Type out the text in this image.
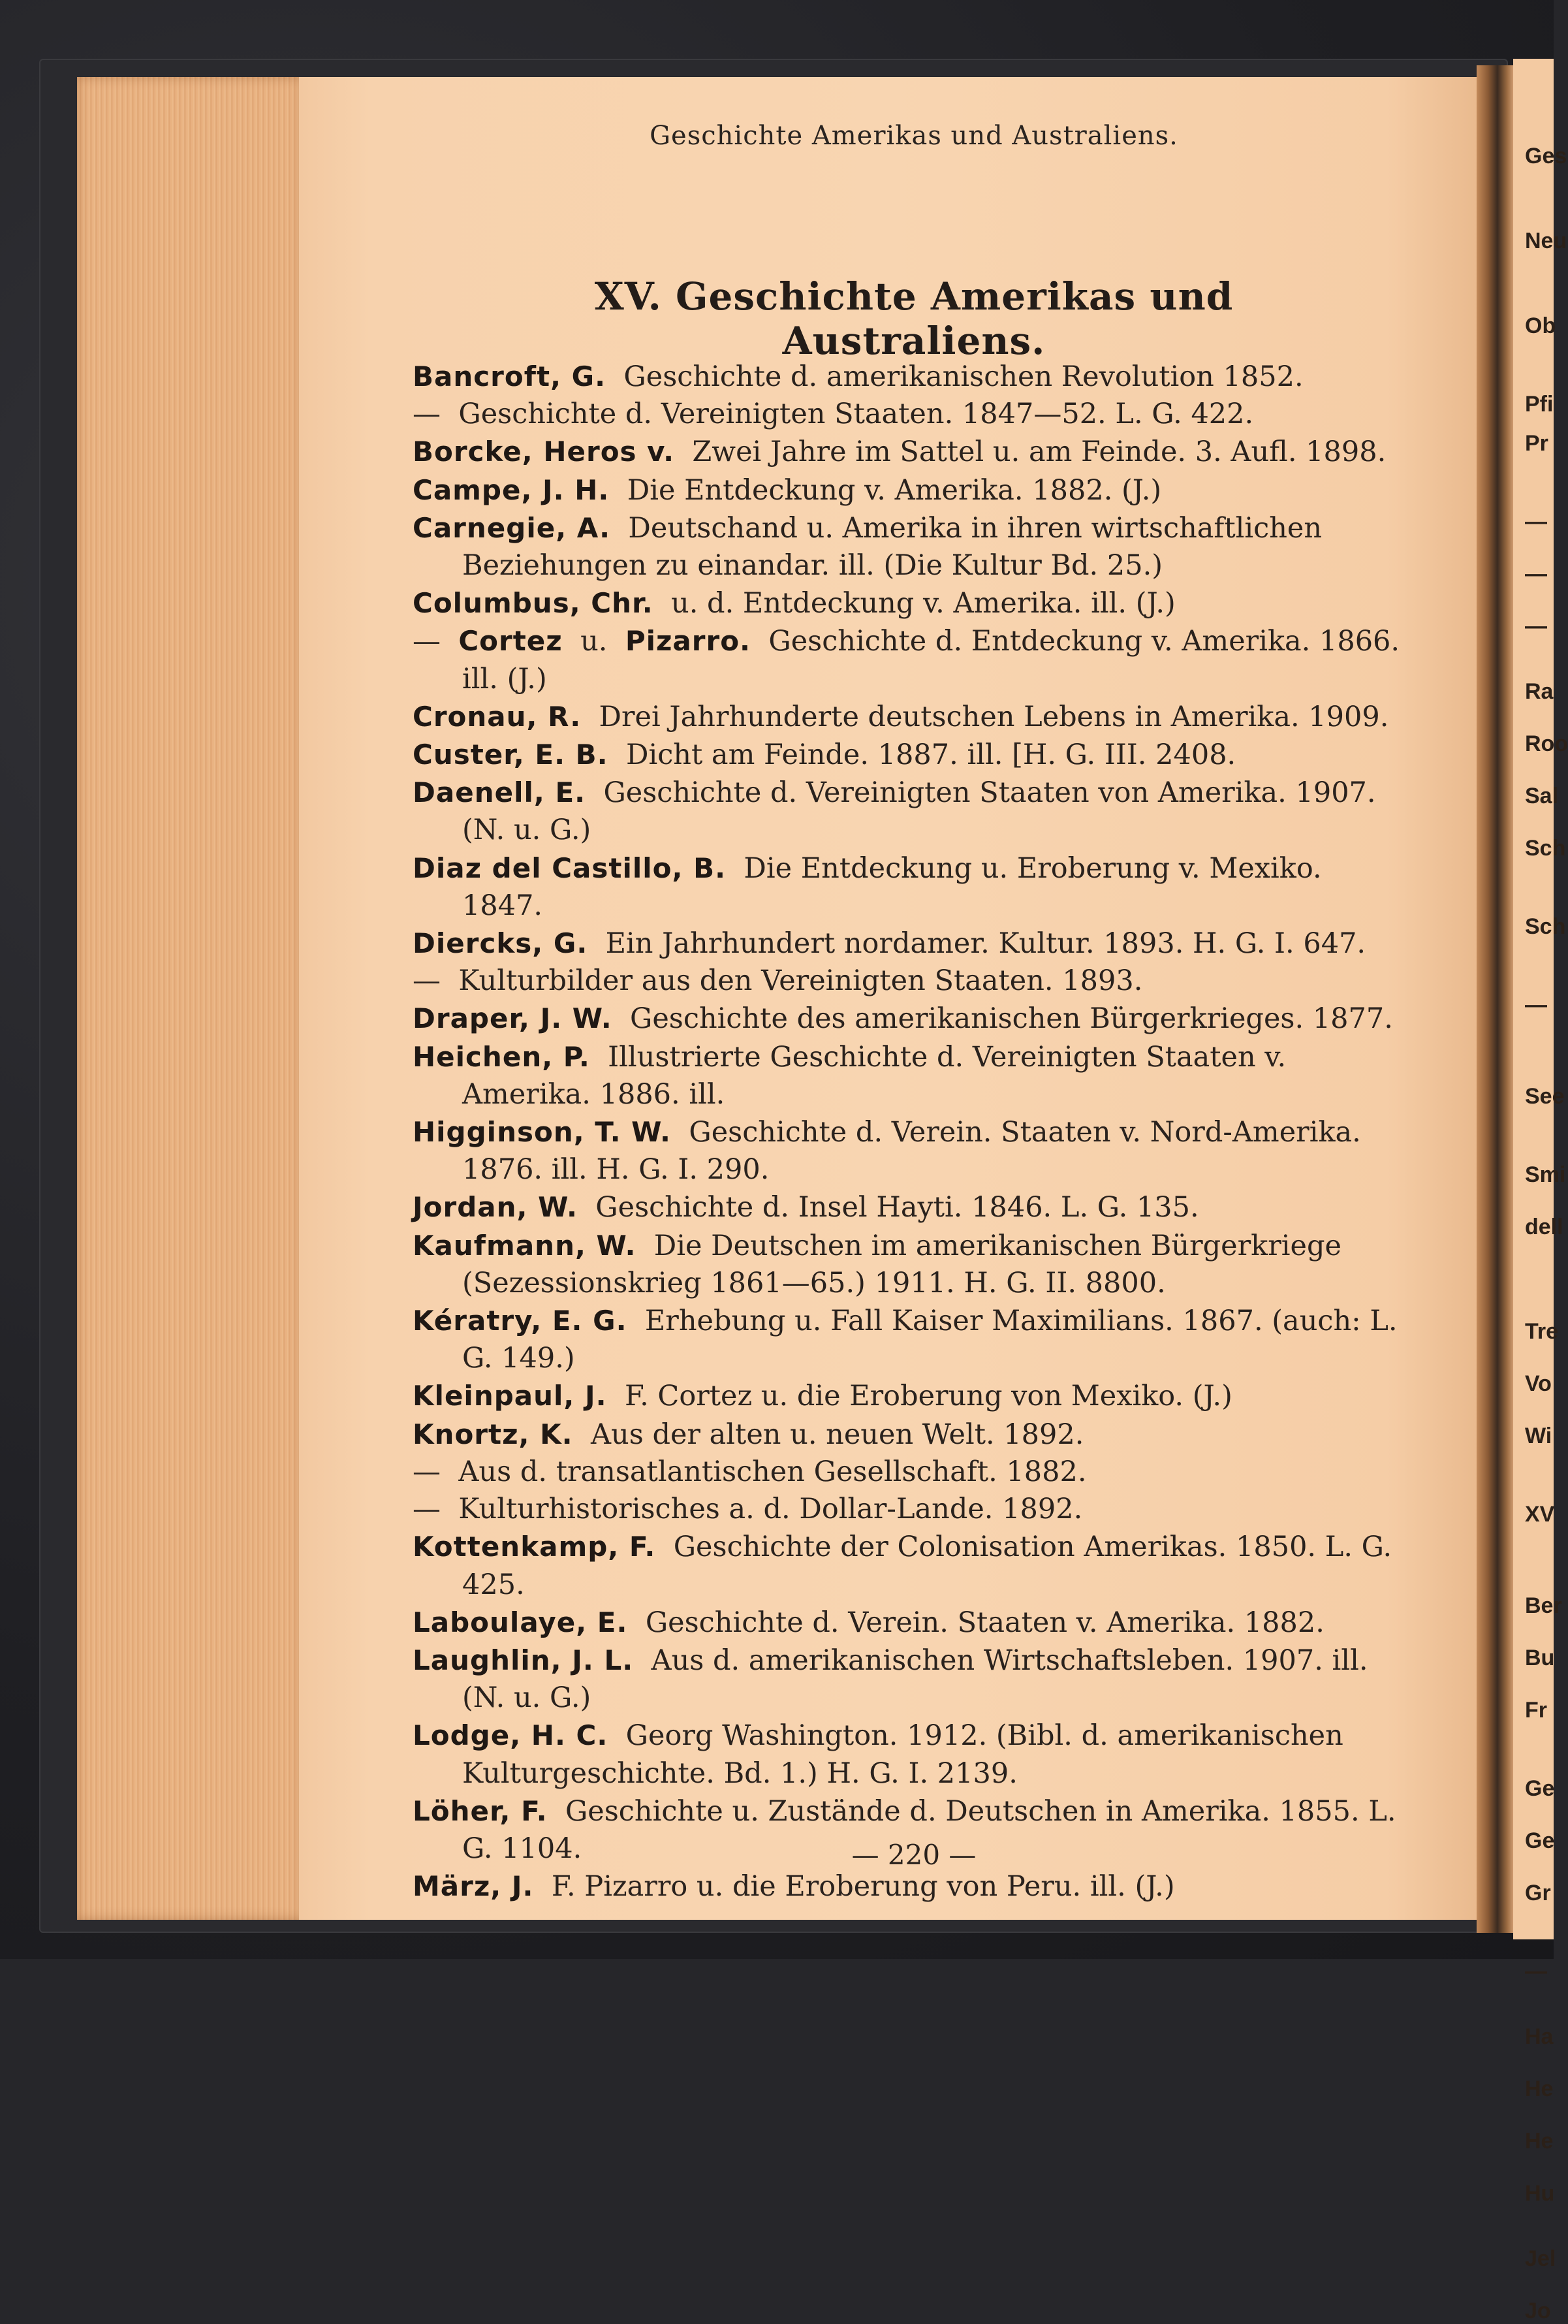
Ges
Neu
Ob
Pfi
Pr
—
—
—
Ra
Roo
Sal
Sch
Sch
—
See
Smi
dell
Tre
Vo
Wi
XV
Ber
Bu
Fr
Ge
Ge
Gr
—
Ha
He
He
Hu
Jel
Jo
Geschichte Amerikas und Australiens.
XV. Geschichte Amerikas und Australiens.
Bancroft, G. Geschichte d. amerikanischen Revolution 1852.
— Geschichte d. Vereinigten Staaten. 1847—52. L. G. 422.
Borcke, Heros v. Zwei Jahre im Sattel u. am Feinde. 3. Aufl. 1898.
Campe, J. H. Die Entdeckung v. Amerika. 1882. (J.)
Carnegie, A. Deutschand u. Amerika in ihren wirtschaftlichen Beziehungen zu einandar. ill. (Die Kultur Bd. 25.)
Columbus, Chr. u. d. Entdeckung v. Amerika. ill. (J.)
— Cortez u. Pizarro. Geschichte d. Entdeckung v. Amerika. 1866. ill. (J.)
Cronau, R. Drei Jahrhunderte deutschen Lebens in Amerika. 1909.
Custer, E. B. Dicht am Feinde. 1887. ill. [H. G. III. 2408.
Daenell, E. Geschichte d. Vereinigten Staaten von Amerika. 1907. (N. u. G.)
Diaz del Castillo, B. Die Entdeckung u. Eroberung v. Mexiko. 1847.
Diercks, G. Ein Jahrhundert nordamer. Kultur. 1893. H. G. I. 647.
— Kulturbilder aus den Vereinigten Staaten. 1893.
Draper, J. W. Geschichte des amerikanischen Bürgerkrieges. 1877.
Heichen, P. Illustrierte Geschichte d. Vereinigten Staaten v. Amerika. 1886. ill.
Higginson, T. W. Geschichte d. Verein. Staaten v. Nord-Amerika. 1876. ill. H. G. I. 290.
Jordan, W. Geschichte d. Insel Hayti. 1846. L. G. 135.
Kaufmann, W. Die Deutschen im amerikanischen Bürgerkriege (Sezessionskrieg 1861—65.) 1911. H. G. II. 8800.
Kératry, E. G. Erhebung u. Fall Kaiser Maximilians. 1867. (auch: L. G. 149.)
Kleinpaul, J. F. Cortez u. die Eroberung von Mexiko. (J.)
Knortz, K. Aus der alten u. neuen Welt. 1892.
— Aus d. transatlantischen Gesellschaft. 1882.
— Kulturhistorisches a. d. Dollar-Lande. 1892.
Kottenkamp, F. Geschichte der Colonisation Amerikas. 1850. L. G. 425.
Laboulaye, E. Geschichte d. Verein. Staaten v. Amerika. 1882.
Laughlin, J. L. Aus d. amerikanischen Wirtschaftsleben. 1907. ill. (N. u. G.)
Lodge, H. C. Georg Washington. 1912. (Bibl. d. amerikanischen Kulturgeschichte. Bd. 1.) H. G. I. 2139.
Löher, F. Geschichte u. Zustände d. Deutschen in Amerika. 1855. L. G. 1104.
März, J. F. Pizarro u. die Eroberung von Peru. ill. (J.)
— 220 —
